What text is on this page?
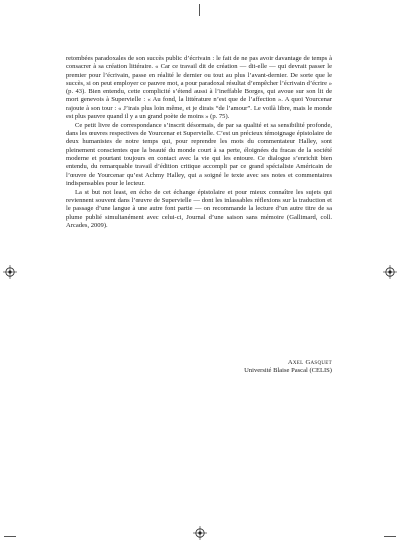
retombées paradoxales de son succès public d’écrivain : le fait de ne pas avoir davantage de temps à consacrer à sa création littéraire. « Car ce travail dit de création — dit-elle — qui devrait passer le premier pour l’écrivain, passe en réalité le dernier ou tout au plus l’avant-dernier. De sorte que le succès, si on peut employer ce pauvre mot, a pour paradoxal résultat d’empêcher l’écrivain d’écrire » (p. 43). Bien entendu, cette complicité s’étend aussi à l’ineffable Borges, qui avoue sur son lit de mort genevois à Supervielle : « Au fond, la littérature n’est que de l’affection ». A quoi Yourcenar rajoute à son tour : « J’irais plus loin même, et je dirais “de l’amour”. Le voilà libre, mais le monde est plus pauvre quand il y a un grand poète de moins » (p. 75).

Ce petit livre de correspondance s’inscrit désormais, de par sa qualité et sa sensibilité profonde, dans les œuvres respectives de Yourcenar et Supervielle. C’est un précieux témoignage épistolaire de deux humanistes de notre temps qui, pour reprendre les mots du commentateur Halley, sont pleinement conscientes que la beauté du monde court à sa perte, éloignées du fracas de la société moderne et pourtant toujours en contact avec la vie qui les entoure. Ce dialogue s’enrichit bien entendu, du remarquable travail d’édition critique accompli par ce grand spécialiste Américain de l’œuvre de Yourcenar qu’est Achmy Halley, qui a soigné le texte avec ses notes et commentaires indispensables pour le lecteur.

La st but not least, en écho de cet échange épistolaire et pour mieux connaître les sujets qui reviennent souvent dans l’œuvre de Supervielle — dont les inlassables réflexions sur la traduction et le passage d’une langue à une autre font partie — on recommande la lecture d’un autre titre de sa plume publié simultanément avec celui-ci, Journal d’une saison sans mémoire (Gallimard, coll. Arcades, 2009).

Axel Gasquet
Université Blaise Pascal (CELIS)
